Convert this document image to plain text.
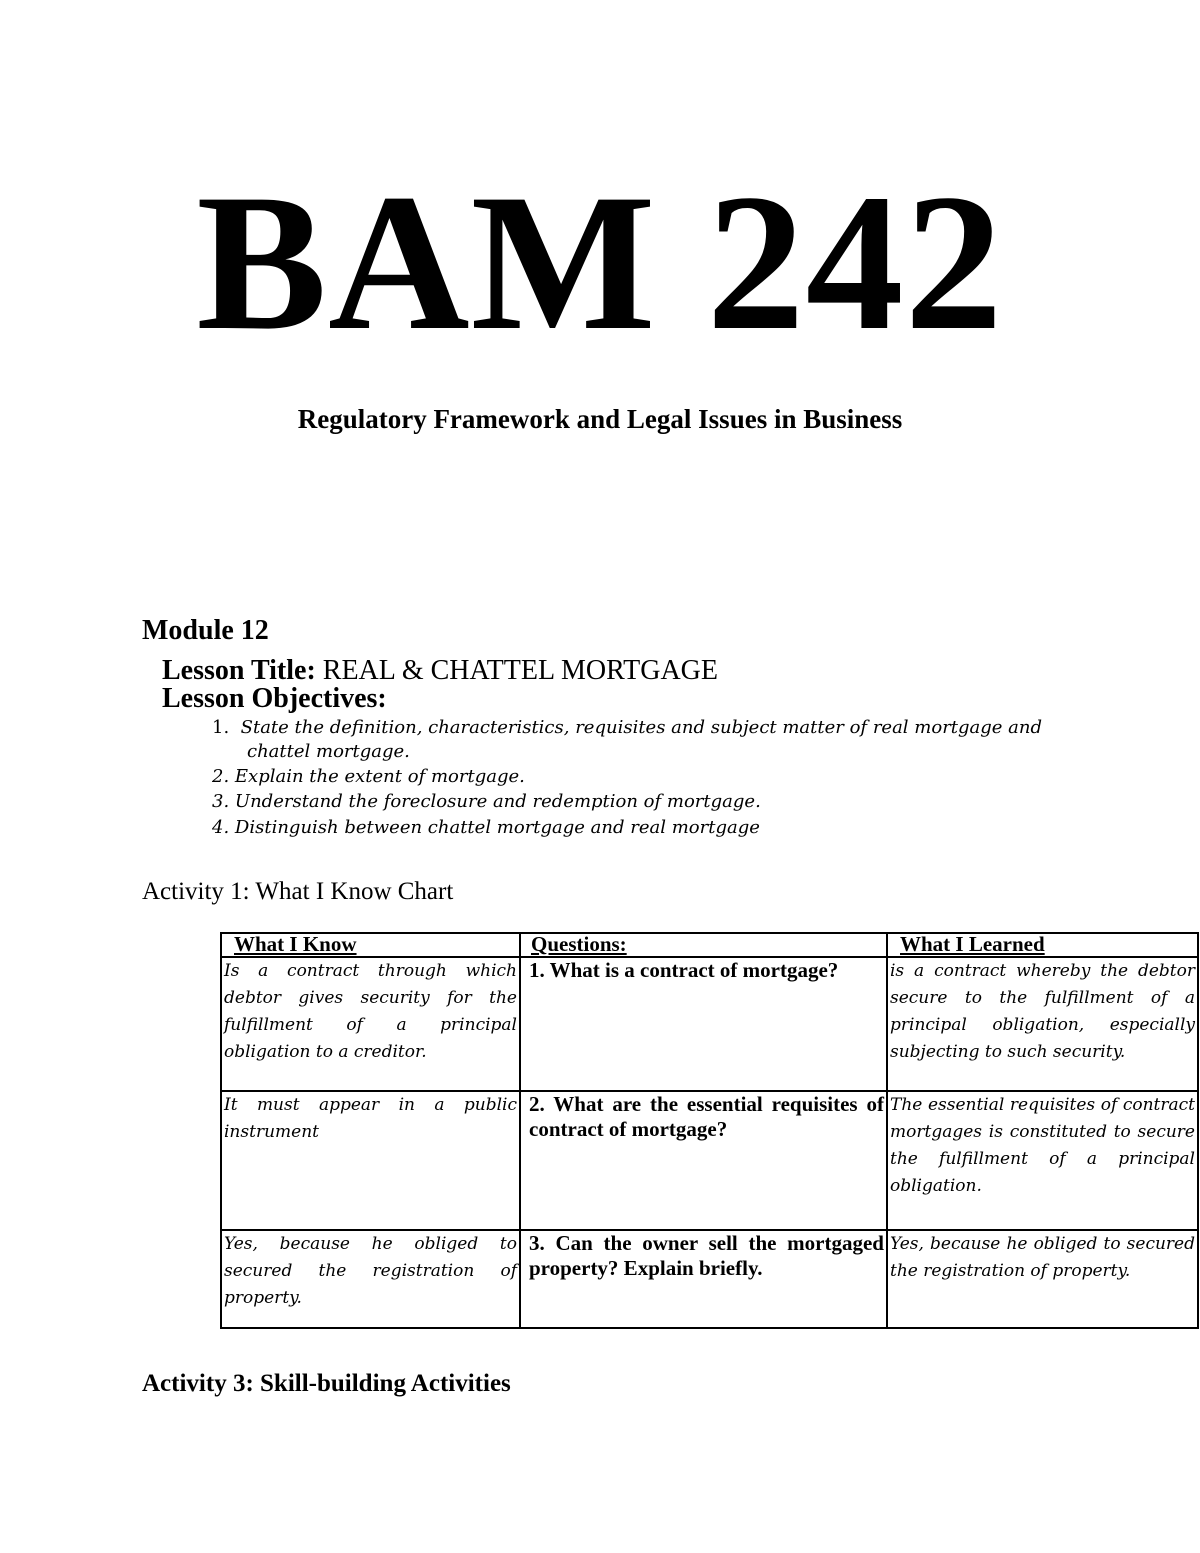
BAM 242
Regulatory Framework and Legal Issues in Business
Module 12
Lesson Title: REAL & CHATTEL MORTGAGE
Lesson Objectives:
1. State the definition, characteristics, requisites and subject matter of real mortgage and
chattel mortgage.
2. Explain the extent of mortgage.
3. Understand the foreclosure and redemption of mortgage.
4. Distinguish between chattel mortgage and real mortgage
Activity 1: What I Know Chart
What I Know	Questions:	What I Learned
Is a contract through which debtor gives security for the fulfillment of a principal obligation to a creditor.	1. What is a contract of mortgage?	is a contract whereby the debtor secure to the fulfillment of a principal obligation, especially subjecting to such security.
It must appear in a public instrument	2. What are the essential requisites of contract of mortgage?	The essential requisites of contract mortgages is constituted to secure the fulfillment of a principal obligation.
Yes, because he obliged to secured the registration of property.	3. Can the owner sell the mortgaged property? Explain briefly.	Yes, because he obliged to secured the registration of property.
Activity 3: Skill-building Activities
